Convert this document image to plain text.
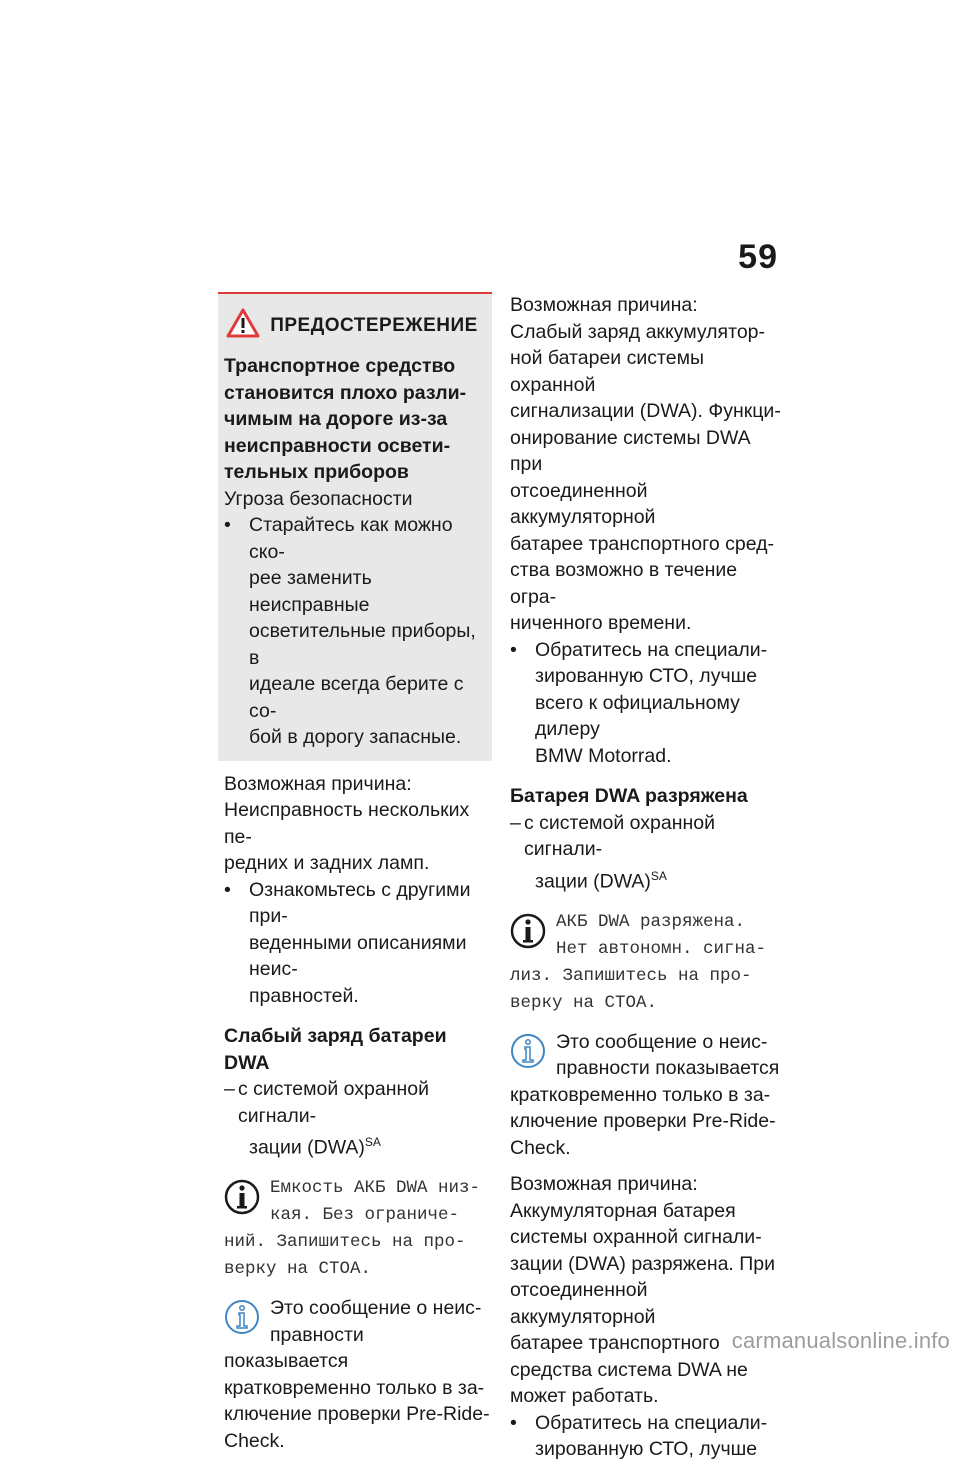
59
ПРЕДОСТЕРЕЖЕНИЕ

Транспортное средство

становится плохо разли-

чимым на дороге из-за

неисправности освети-

тельных приборов

Угроза безопасности

• Старайтесь как можно ско-
рее заменить неисправные
осветительные приборы, в
идеале всегда берите с со-
бой в дорогу запасные.

Возможная причина:

Неисправность нескольких пе-

редних и задних ламп.

• Ознакомьтесь с другими при-
веденными описаниями неис-
правностей.

Слабый заряд батареи DWA

– с системой охранной сигнали-
зации (DWA)$^{SA}$
Емкость АКБ DWA низ-
кая. Без ограниче-
ний. Запишитесь на про-
верку на СТОА.

Это сообщение о неис-

правности показывается

кратковременно только в за-

ключение проверки Pre-Ride-

Check.

Возможная причина:

Слабый заряд аккумулятор-

ной батареи системы охранной

сигнализации (DWA). Функци-

онирование системы DWA при

отсоединенной аккумуляторной

батарее транспортного сред-

ства возможно в течение огра-

ниченного времени.

• Обратитесь на специали-
зированную СТО, лучше
всего к официальному дилеру
BMW Motorrad.

Батарея DWA разряжена

– с системой охранной сигнали-
зации (DWA)$^{SA}$
АКБ DWA разряжена.
Нет автономн. сигна-
лиз. Запишитесь на про-
верку на СТОА.

Это сообщение о неис-

правности показывается

кратковременно только в за-

ключение проверки Pre-Ride-

Check.

Возможная причина:

Аккумуляторная батарея

системы охранной сигнали-

зации (DWA) разряжена. При

отсоединенной аккумуляторной

батарее транспортного

средства система DWA не

может работать.

• Обратитесь на специали-
зированную СТО, лучше
carmanualsonline.info
